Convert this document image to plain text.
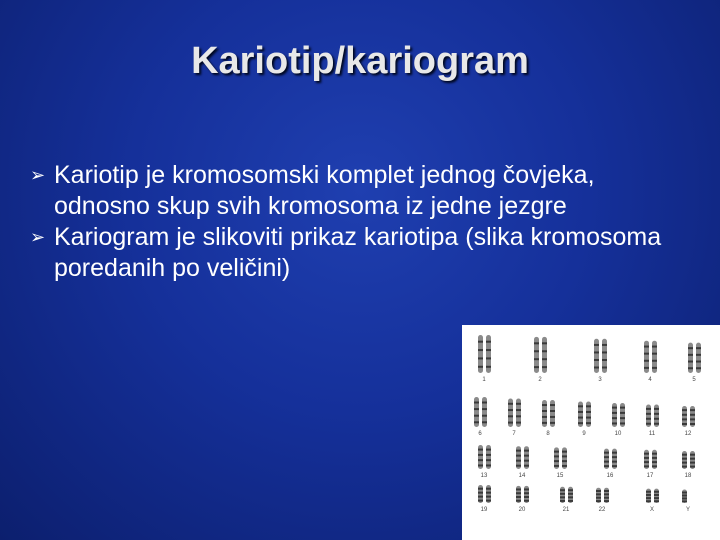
Kariotip/kariogram
➢ Kariotip je kromosomski komplet jednog čovjeka, odnosno skup svih kromosoma iz jedne jezgre
➢ Kariogram je slikoviti prikaz kariotipa (slika kromosoma poredanih po veličini)
1	2	3	4	5
6	7	8	9	10	11	12
13	14	15	16	17	18
19	20	21	22	X	Y
